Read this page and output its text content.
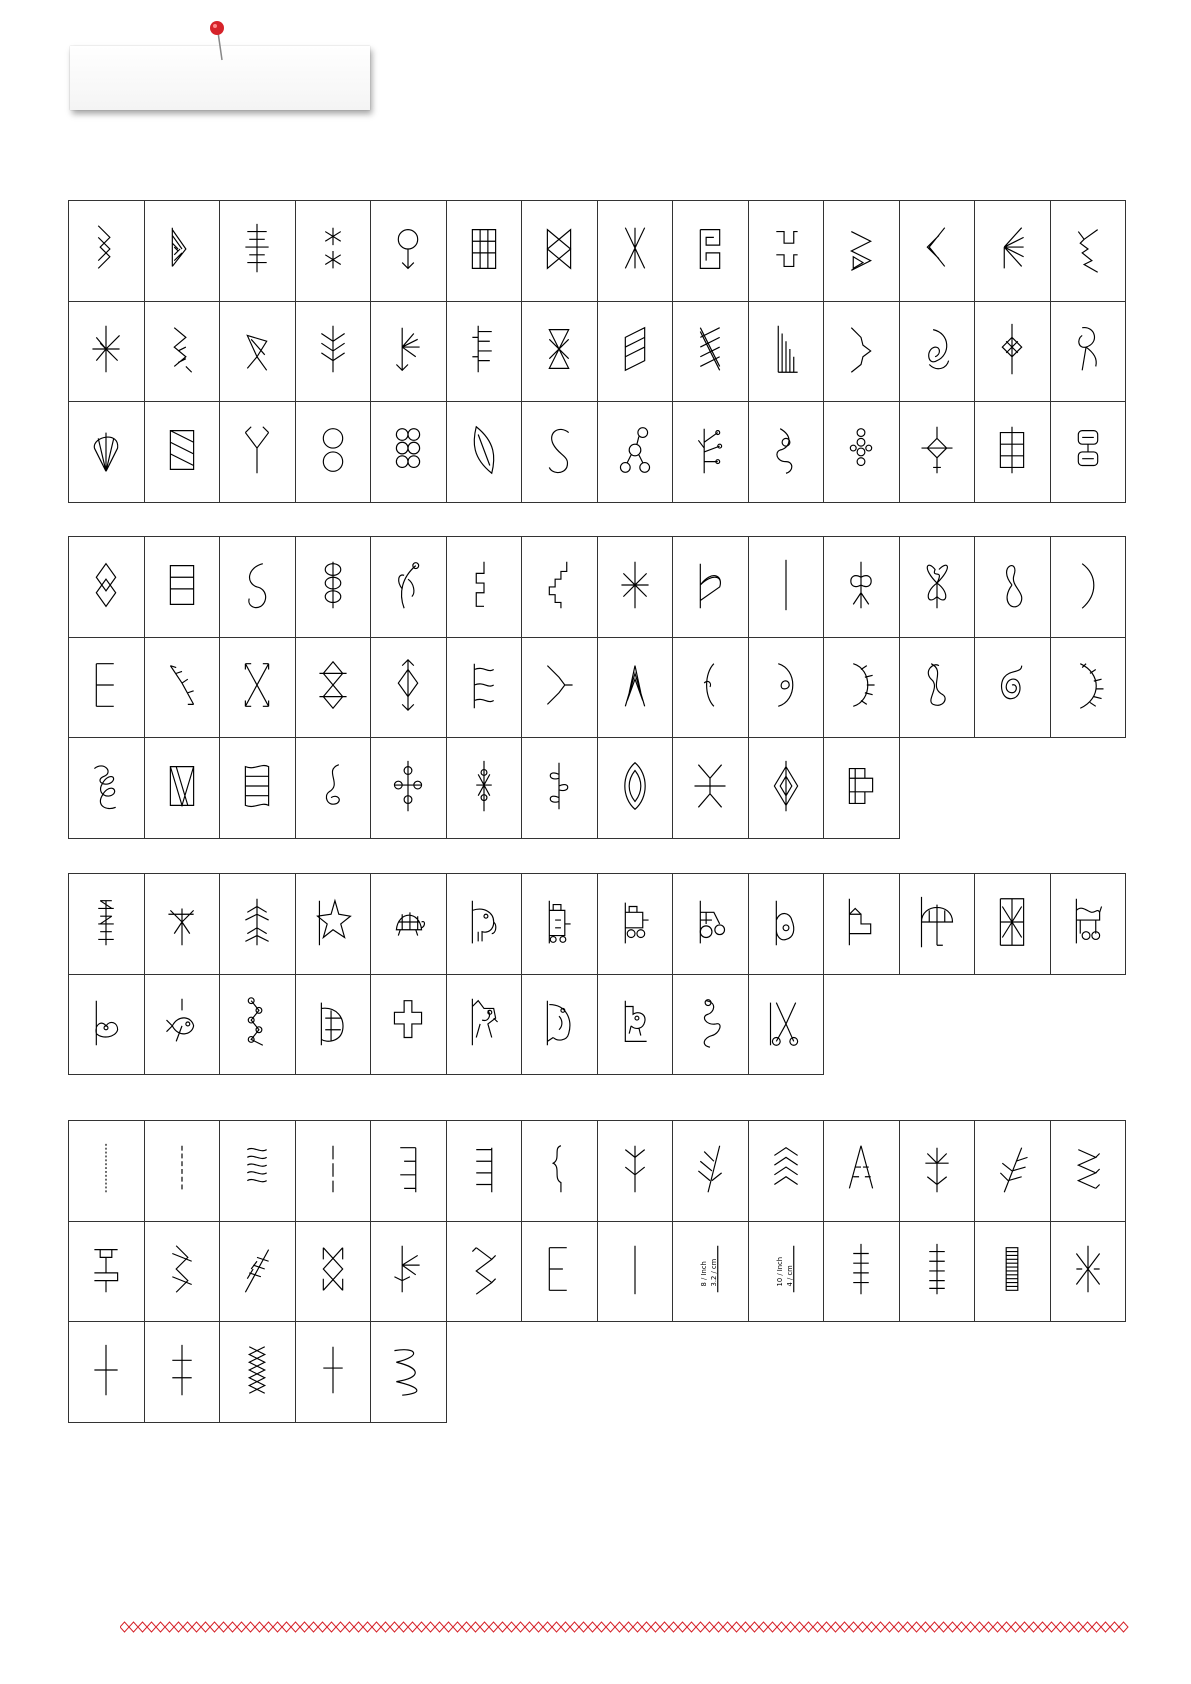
8 / Inch 3.2 / cm	10 / Inch 4 / cm
